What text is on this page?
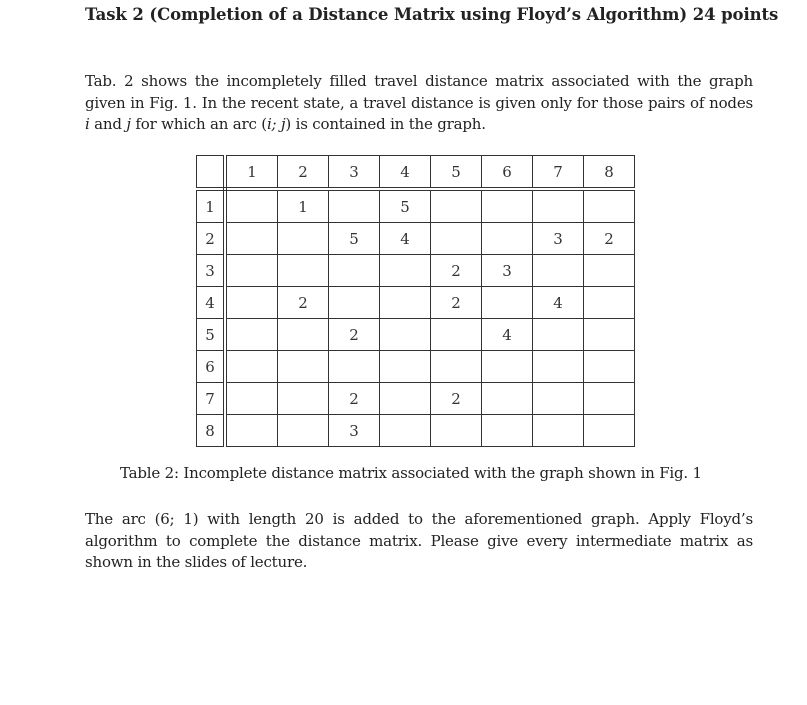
Task 2 (Completion of a Distance Matrix using Floyd’s Algorithm) 24 points
Tab. 2 shows the incompletely filled travel distance matrix associated with the graph given in Fig. 1. In the recent state, a travel distance is given only for those pairs of nodes i and j for which an arc (i; j) is contained in the graph.
	1	2	3	4	5	6	7	8
1		1		5				
2			5	4			3	2
3					2	3		
4		2			2		4	
5			2			4		
6								
7			2		2			
8			3					
Table 2: Incomplete distance matrix associated with the graph shown in Fig. 1
The arc (6; 1) with length 20 is added to the aforementioned graph. Apply Floyd’s algorithm to complete the distance matrix. Please give every intermediate matrix as shown in the slides of lecture.
